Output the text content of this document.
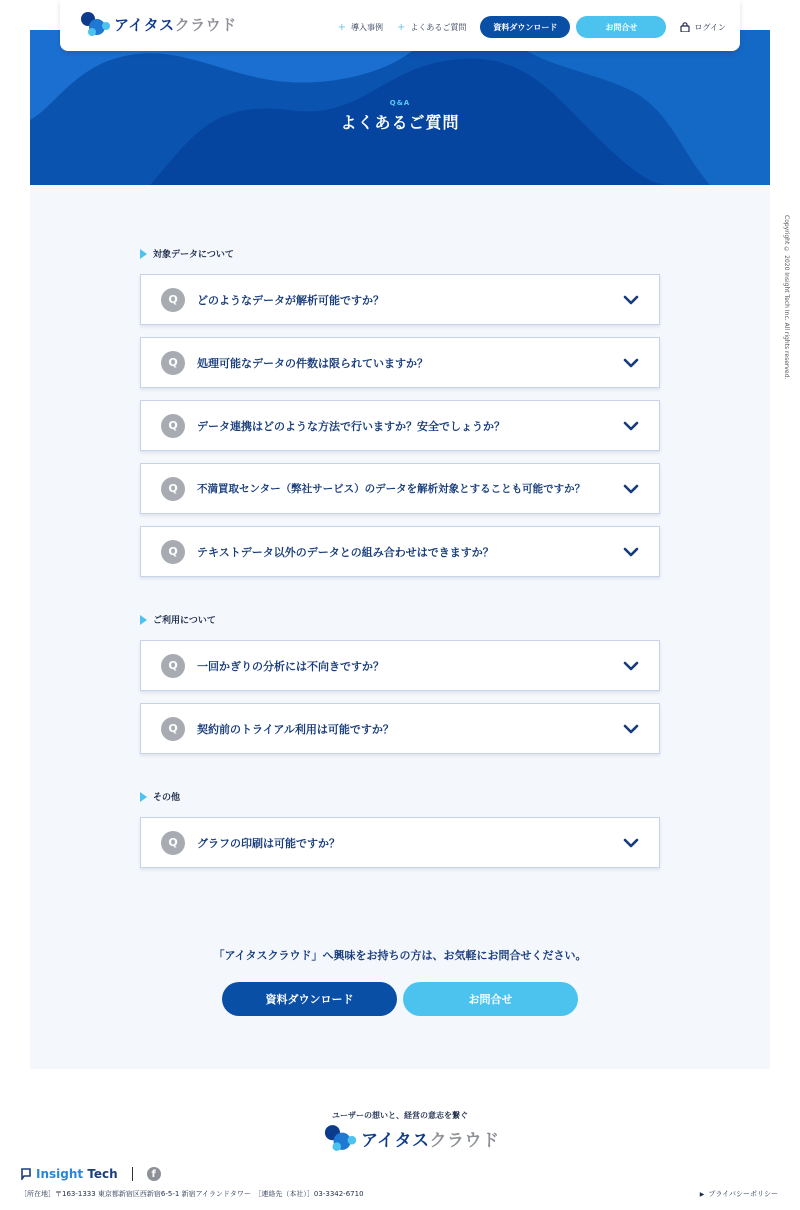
Q&A
よくあるご質問
アイタスクラウド	+ 導入事例 + よくあるご質問	資料ダウンロード	お問合せ	ログイン
対象データについて
Q	どのようなデータが解析可能ですか？
Q	処理可能なデータの件数は限られていますか？
Q	データ連携はどのような方法で行いますか？安全でしょうか？
Q	不満買取センター（弊社サービス）のデータを解析対象とすることも可能ですか？
Q	テキストデータ以外のデータとの組み合わせはできますか？
ご利用について
Q	一回かぎりの分析には不向きですか？
Q	契約前のトライアル利用は可能ですか？
その他
Q	グラフの印刷は可能ですか？
「アイタスクラウド」へ興味をお持ちの方は、お気軽にお問合せください。
資料ダウンロード	お問合せ
Copyright © 2020 Insight Tech Inc. All rights reserved.
ユーザーの想いと、経営の意志を繋ぐ
アイタスクラウド
Insight Tech	f
［所在地］〒163-1333 東京都新宿区西新宿6-5-1 新宿アイランドタワー　［連絡先（本社）］03-3342-6710	▶ プライバシーポリシー
